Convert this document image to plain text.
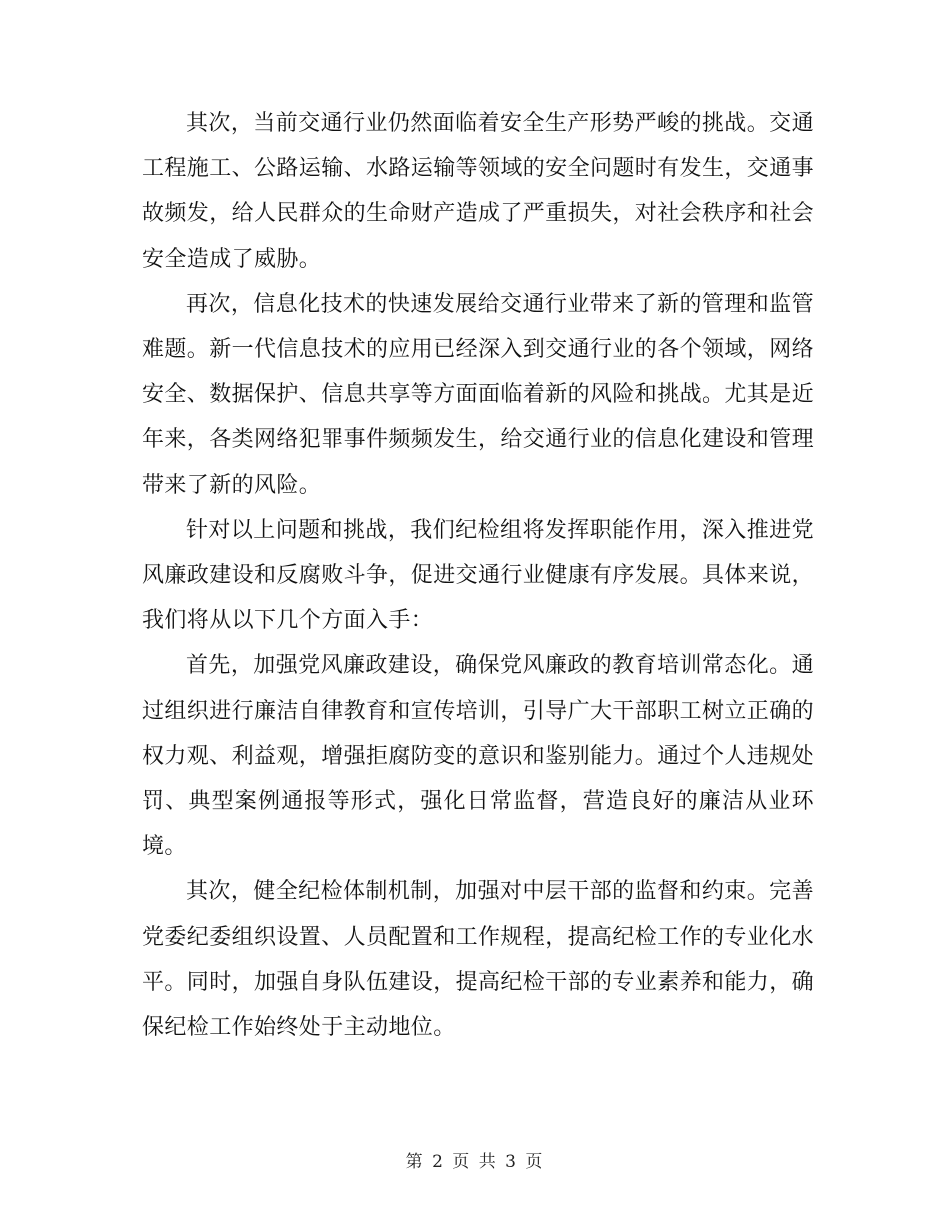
其次，当前交通行业仍然面临着安全生产形势严峻的挑战。交通工程施工、公路运输、水路运输等领域的安全问题时有发生，交通事故频发，给人民群众的生命财产造成了严重损失，对社会秩序和社会安全造成了威胁。

再次，信息化技术的快速发展给交通行业带来了新的管理和监管难题。新一代信息技术的应用已经深入到交通行业的各个领域，网络安全、数据保护、信息共享等方面面临着新的风险和挑战。尤其是近年来，各类网络犯罪事件频频发生，给交通行业的信息化建设和管理带来了新的风险。

针对以上问题和挑战，我们纪检组将发挥职能作用，深入推进党风廉政建设和反腐败斗争，促进交通行业健康有序发展。具体来说，我们将从以下几个方面入手：

首先，加强党风廉政建设，确保党风廉政的教育培训常态化。通过组织进行廉洁自律教育和宣传培训，引导广大干部职工树立正确的权力观、利益观，增强拒腐防变的意识和鉴别能力。通过个人违规处罚、典型案例通报等形式，强化日常监督，营造良好的廉洁从业环境。

其次，健全纪检体制机制，加强对中层干部的监督和约束。完善党委纪委组织设置、人员配置和工作规程，提高纪检工作的专业化水平。同时，加强自身队伍建设，提高纪检干部的专业素养和能力，确保纪检工作始终处于主动地位。

第 2 页 共 3 页
